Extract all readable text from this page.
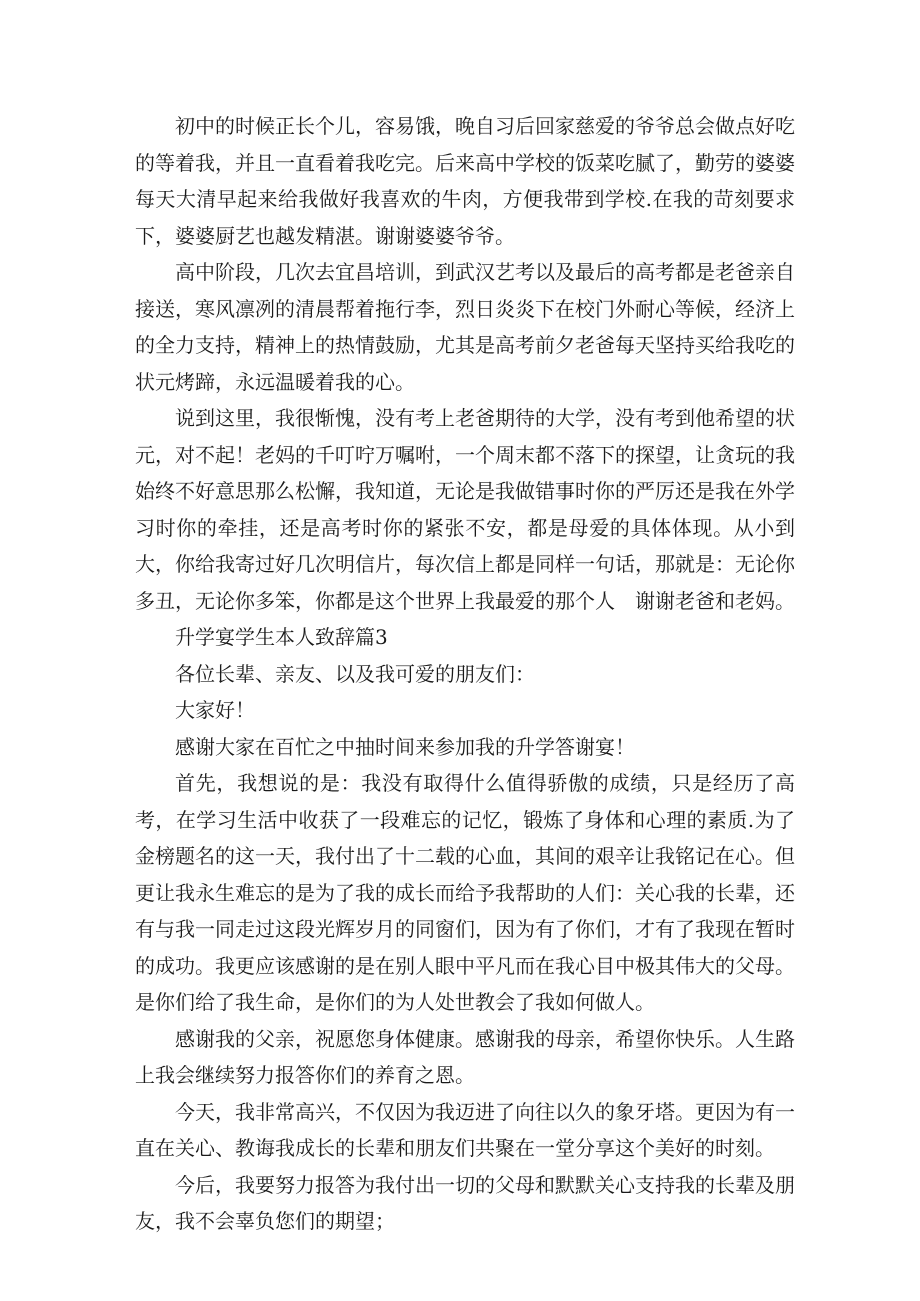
初中的时候正长个儿，容易饿，晚自习后回家慈爱的爷爷总会做点好吃的等着我，并且一直看着我吃完。后来高中学校的饭菜吃腻了，勤劳的婆婆每天大清早起来给我做好我喜欢的牛肉，方便我带到学校.在我的苛刻要求下，婆婆厨艺也越发精湛。谢谢婆婆爷爷。

高中阶段，几次去宜昌培训，到武汉艺考以及最后的高考都是老爸亲自接送，寒风凛冽的清晨帮着拖行李，烈日炎炎下在校门外耐心等候，经济上的全力支持，精神上的热情鼓励，尤其是高考前夕老爸每天坚持买给我吃的状元烤蹄，永远温暖着我的心。

说到这里，我很惭愧，没有考上老爸期待的大学，没有考到他希望的状元，对不起！老妈的千叮咛万嘱咐，一个周末都不落下的探望，让贪玩的我始终不好意思那么松懈，我知道，无论是我做错事时你的严厉还是我在外学习时你的牵挂，还是高考时你的紧张不安，都是母爱的具体体现。从小到大，你给我寄过好几次明信片，每次信上都是同样一句话，那就是：无论你多丑，无论你多笨，你都是这个世界上我最爱的那个人　谢谢老爸和老妈。

升学宴学生本人致辞篇3

各位长辈、亲友、以及我可爱的朋友们：

大家好！

感谢大家在百忙之中抽时间来参加我的升学答谢宴！

首先，我想说的是：我没有取得什么值得骄傲的成绩，只是经历了高考，在学习生活中收获了一段难忘的记忆，锻炼了身体和心理的素质.为了金榜题名的这一天，我付出了十二载的心血，其间的艰辛让我铭记在心。但更让我永生难忘的是为了我的成长而给予我帮助的人们：关心我的长辈，还有与我一同走过这段光辉岁月的同窗们，因为有了你们，才有了我现在暂时的成功。我更应该感谢的是在别人眼中平凡而在我心目中极其伟大的父母。是你们给了我生命，是你们的为人处世教会了我如何做人。

感谢我的父亲，祝愿您身体健康。感谢我的母亲，希望你快乐。人生路上我会继续努力报答你们的养育之恩。

今天，我非常高兴，不仅因为我迈进了向往以久的象牙塔。更因为有一直在关心、教诲我成长的长辈和朋友们共聚在一堂分享这个美好的时刻。

今后，我要努力报答为我付出一切的父母和默默关心支持我的长辈及朋友，我不会辜负您们的期望；
